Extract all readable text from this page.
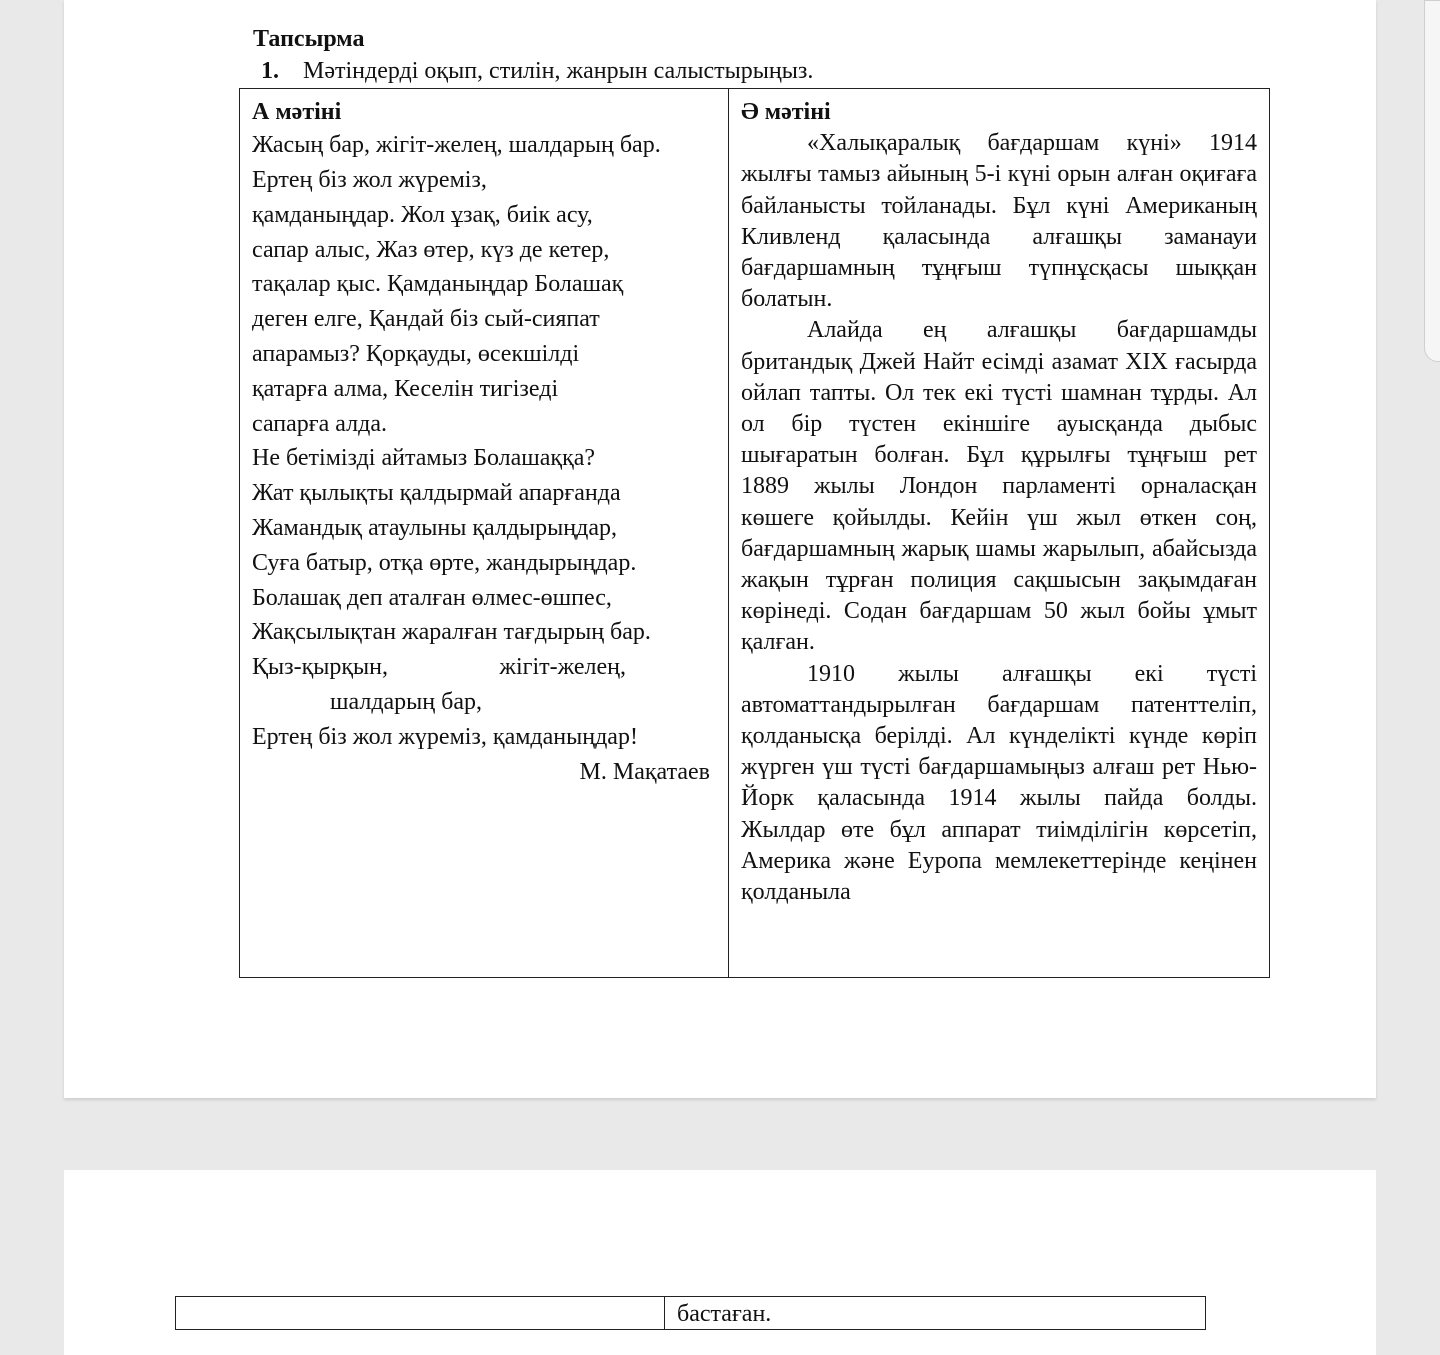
Тапсырма
1. Мәтіндерді оқып, стилін, жанрын салыстырыңыз.

А мәтіні

Жасың бар, жігіт-желең, шалдарың бар.

Ертең біз жол жүреміз,

қамданыңдар. Жол ұзақ, биік асу,

сапар алыс, Жаз өтер, күз де кетер,

тақалар қыс. Қамданыңдар Болашақ

деген елге, Қандай біз сый-сияпат

апарамыз? Қорқауды, өсекшілді

қатарға алма, Кеселін тигізеді

сапарға алда.

Не бетімізді айтамыз Болашаққа?

Жат қылықты қалдырмай апарғанда

Жамандық атаулыны қалдырыңдар,

Суға батыр, отқа өрте, жандырыңдар.

Болашақ деп аталған өлмес-өшпес,

Жақсылықтан жаралған тағдырың бар.

Қыз-қырқын,	жігіт-желең,

шалдарың бар,

Ертең біз жол жүреміз, қамданыңдар!

М. Мақатаев

Ә мәтіні

«Халықаралық бағдаршам күні» 1914 жылғы тамыз айының 5-і күні орын алған оқиғаға байланысты тойланады. Бұл күні Американың Кливленд қаласында алғашқы заманауи бағдаршамның тұңғыш түпнұсқасы шыққан болатын.

Алайда ең алғашқы бағдаршамды британдық Джей Найт есімді азамат XIX ғасырда ойлап тапты. Ол тек екі түсті шамнан тұрды. Ал ол бір түстен екіншіге ауысқанда дыбыс шығаратын болған. Бұл құрылғы тұңғыш рет 1889 жылы Лондон парламенті орналасқан көшеге қойылды. Кейін үш жыл өткен соң, бағдаршамның жарық шамы жарылып, абайсызда жақын тұрған полиция сақшысын зақымдаған көрінеді. Содан бағдаршам 50 жыл бойы ұмыт қалған.

1910 жылы алғашқы екі түсті автоматтандырылған бағдаршам патенттеліп, қолданысқа берілді. Ал күнделікті күнде көріп жүрген үш түсті бағдаршамыңыз алғаш рет Нью-Йорк қаласында 1914 жылы пайда болды. Жылдар өте бұл аппарат тиімділігін көрсетіп, Америка және Еуропа мемлекеттерінде кеңінен қолданыла

	бастаған.
